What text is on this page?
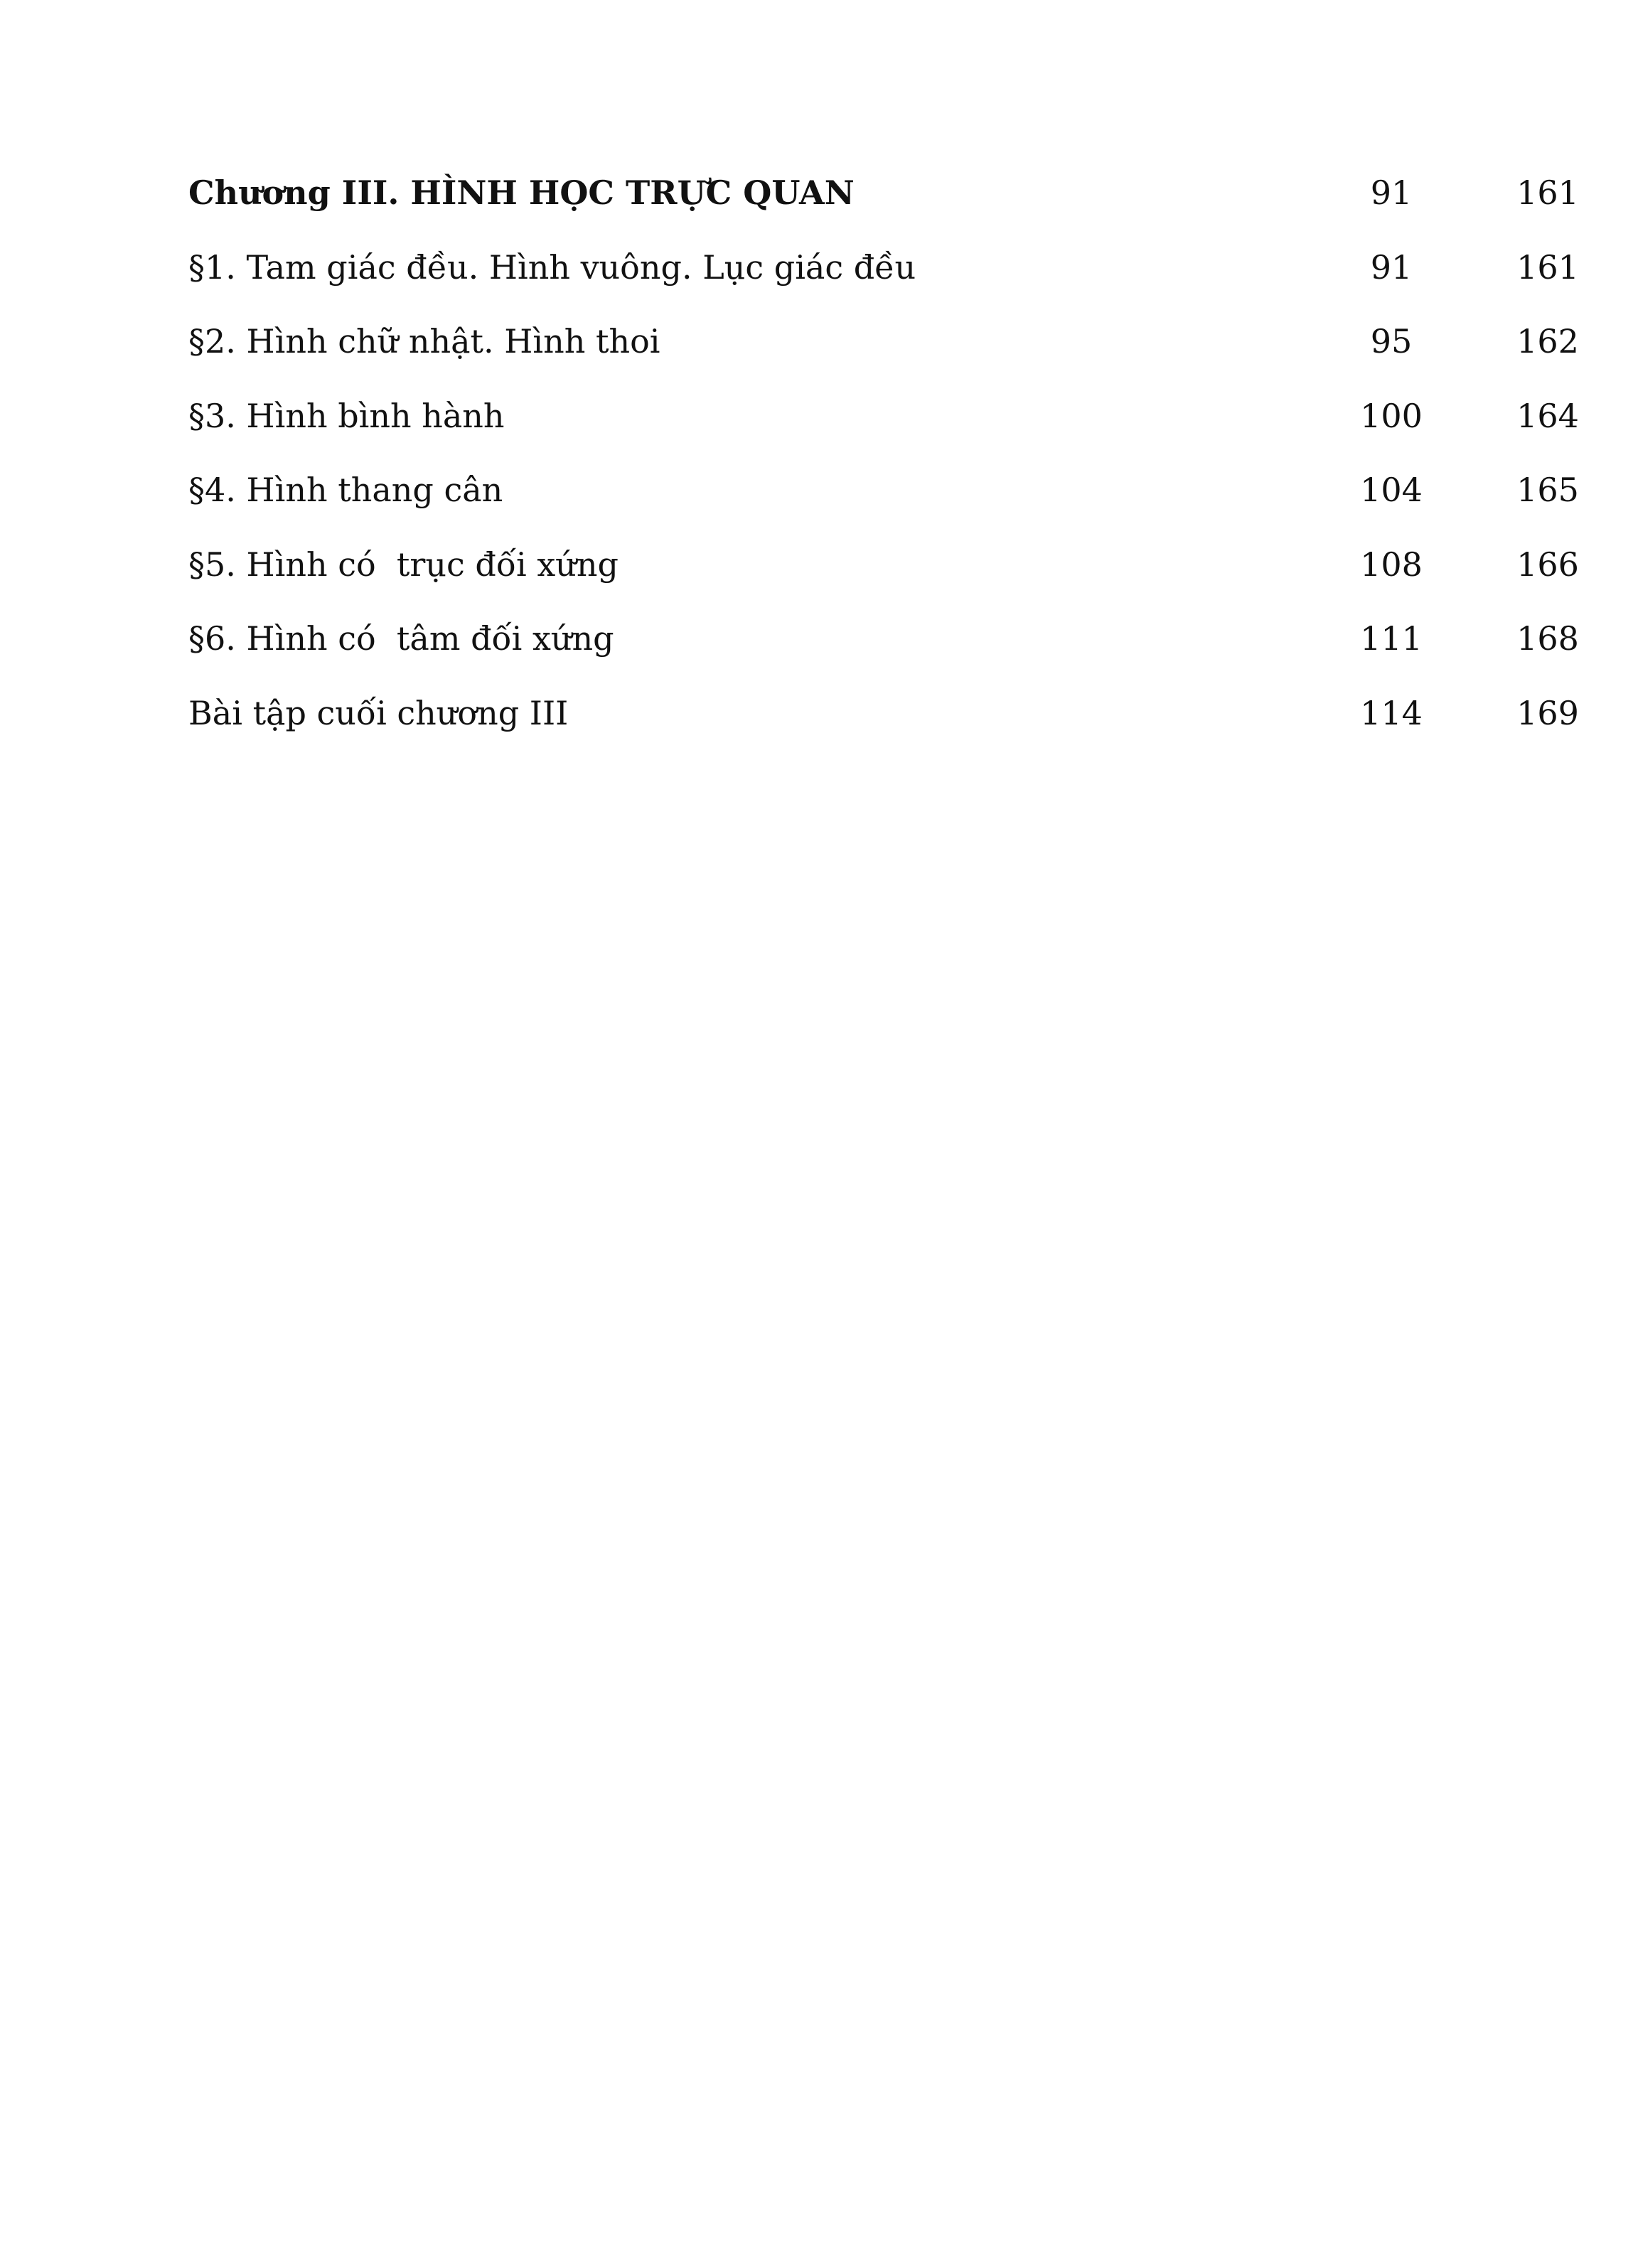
Chương III. HÌNH HỌC TRỰC QUAN	91	161
§1. Tam giác đều. Hình vuông. Lục giác đều	91	161
§2. Hình chữ nhật. Hình thoi	95	162
§3. Hình bình hành	100	164
§4. Hình thang cân	104	165
§5. Hình có  trục đối xứng	108	166
§6. Hình có  tâm đối xứng	111	168
Bài tập cuối chương III	114	169
